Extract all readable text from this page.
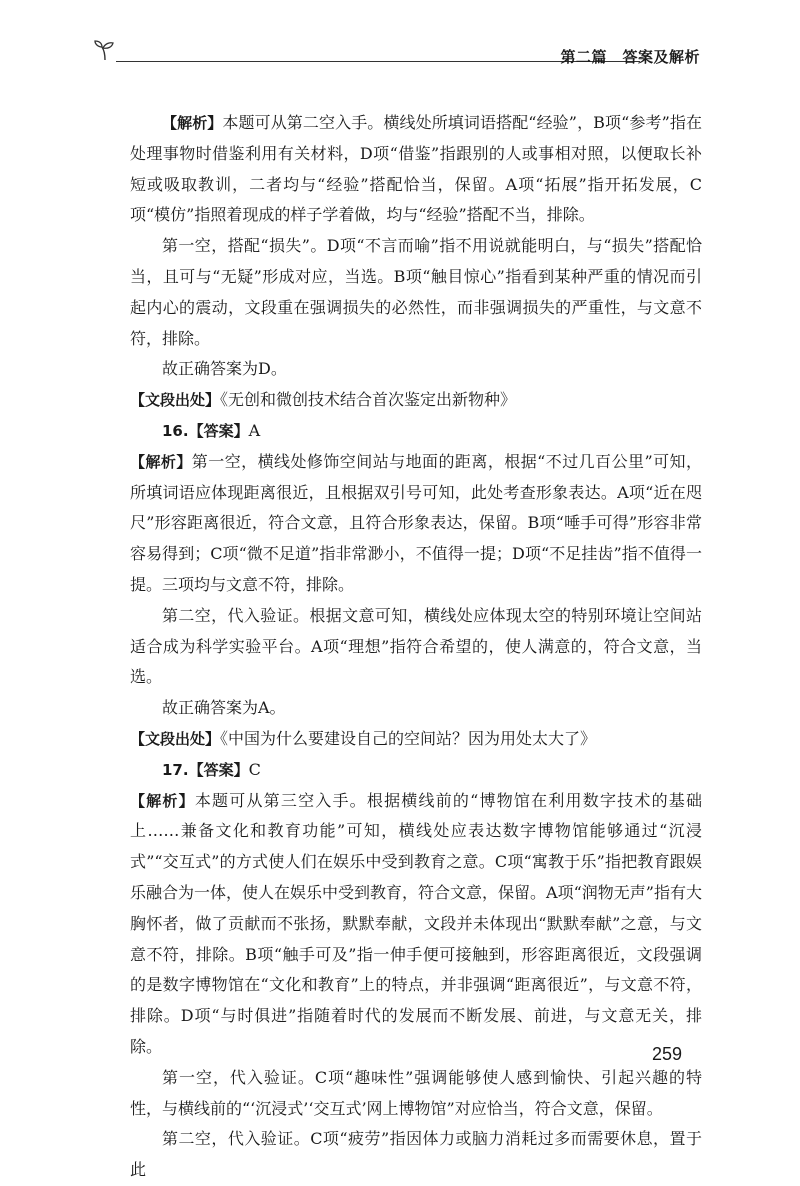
第二篇　答案及解析

【解析】本题可从第二空入手。横线处所填词语搭配“经验”，B项“参考”指在处理事物时借鉴利用有关材料，D项“借鉴”指跟别的人或事相对照，以便取长补短或吸取教训，二者均与“经验”搭配恰当，保留。A项“拓展”指开拓发展，C项“模仿”指照着现成的样子学着做，均与“经验”搭配不当，排除。

第一空，搭配“损失”。D项“不言而喻”指不用说就能明白，与“损失”搭配恰当，且可与“无疑”形成对应，当选。B项“触目惊心”指看到某种严重的情况而引起内心的震动，文段重在强调损失的必然性，而非强调损失的严重性，与文意不符，排除。

故正确答案为D。

【文段出处】《无创和微创技术结合首次鉴定出新物种》

16.【答案】A

【解析】第一空，横线处修饰空间站与地面的距离，根据“不过几百公里”可知，所填词语应体现距离很近，且根据双引号可知，此处考查形象表达。A项“近在咫尺”形容距离很近，符合文意，且符合形象表达，保留。B项“唾手可得”形容非常容易得到；C项“微不足道”指非常渺小，不值得一提；D项“不足挂齿”指不值得一提。三项均与文意不符，排除。

第二空，代入验证。根据文意可知，横线处应体现太空的特别环境让空间站适合成为科学实验平台。A项“理想”指符合希望的，使人满意的，符合文意，当选。

故正确答案为A。

【文段出处】《中国为什么要建设自己的空间站？因为用处太大了》

17.【答案】C

【解析】本题可从第三空入手。根据横线前的“博物馆在利用数字技术的基础上……兼备文化和教育功能”可知，横线处应表达数字博物馆能够通过“沉浸式”“交互式”的方式使人们在娱乐中受到教育之意。C项“寓教于乐”指把教育跟娱乐融合为一体，使人在娱乐中受到教育，符合文意，保留。A项“润物无声”指有大胸怀者，做了贡献而不张扬，默默奉献，文段并未体现出“默默奉献”之意，与文意不符，排除。B项“触手可及”指一伸手便可接触到，形容距离很近，文段强调的是数字博物馆在“文化和教育”上的特点，并非强调“距离很近”，与文意不符，排除。D项“与时俱进”指随着时代的发展而不断发展、前进，与文意无关，排除。

第一空，代入验证。C项“趣味性”强调能够使人感到愉快、引起兴趣的特性，与横线前的“‘沉浸式’‘交互式’网上博物馆”对应恰当，符合文意，保留。

第二空，代入验证。C项“疲劳”指因体力或脑力消耗过多而需要休息，置于此

259
